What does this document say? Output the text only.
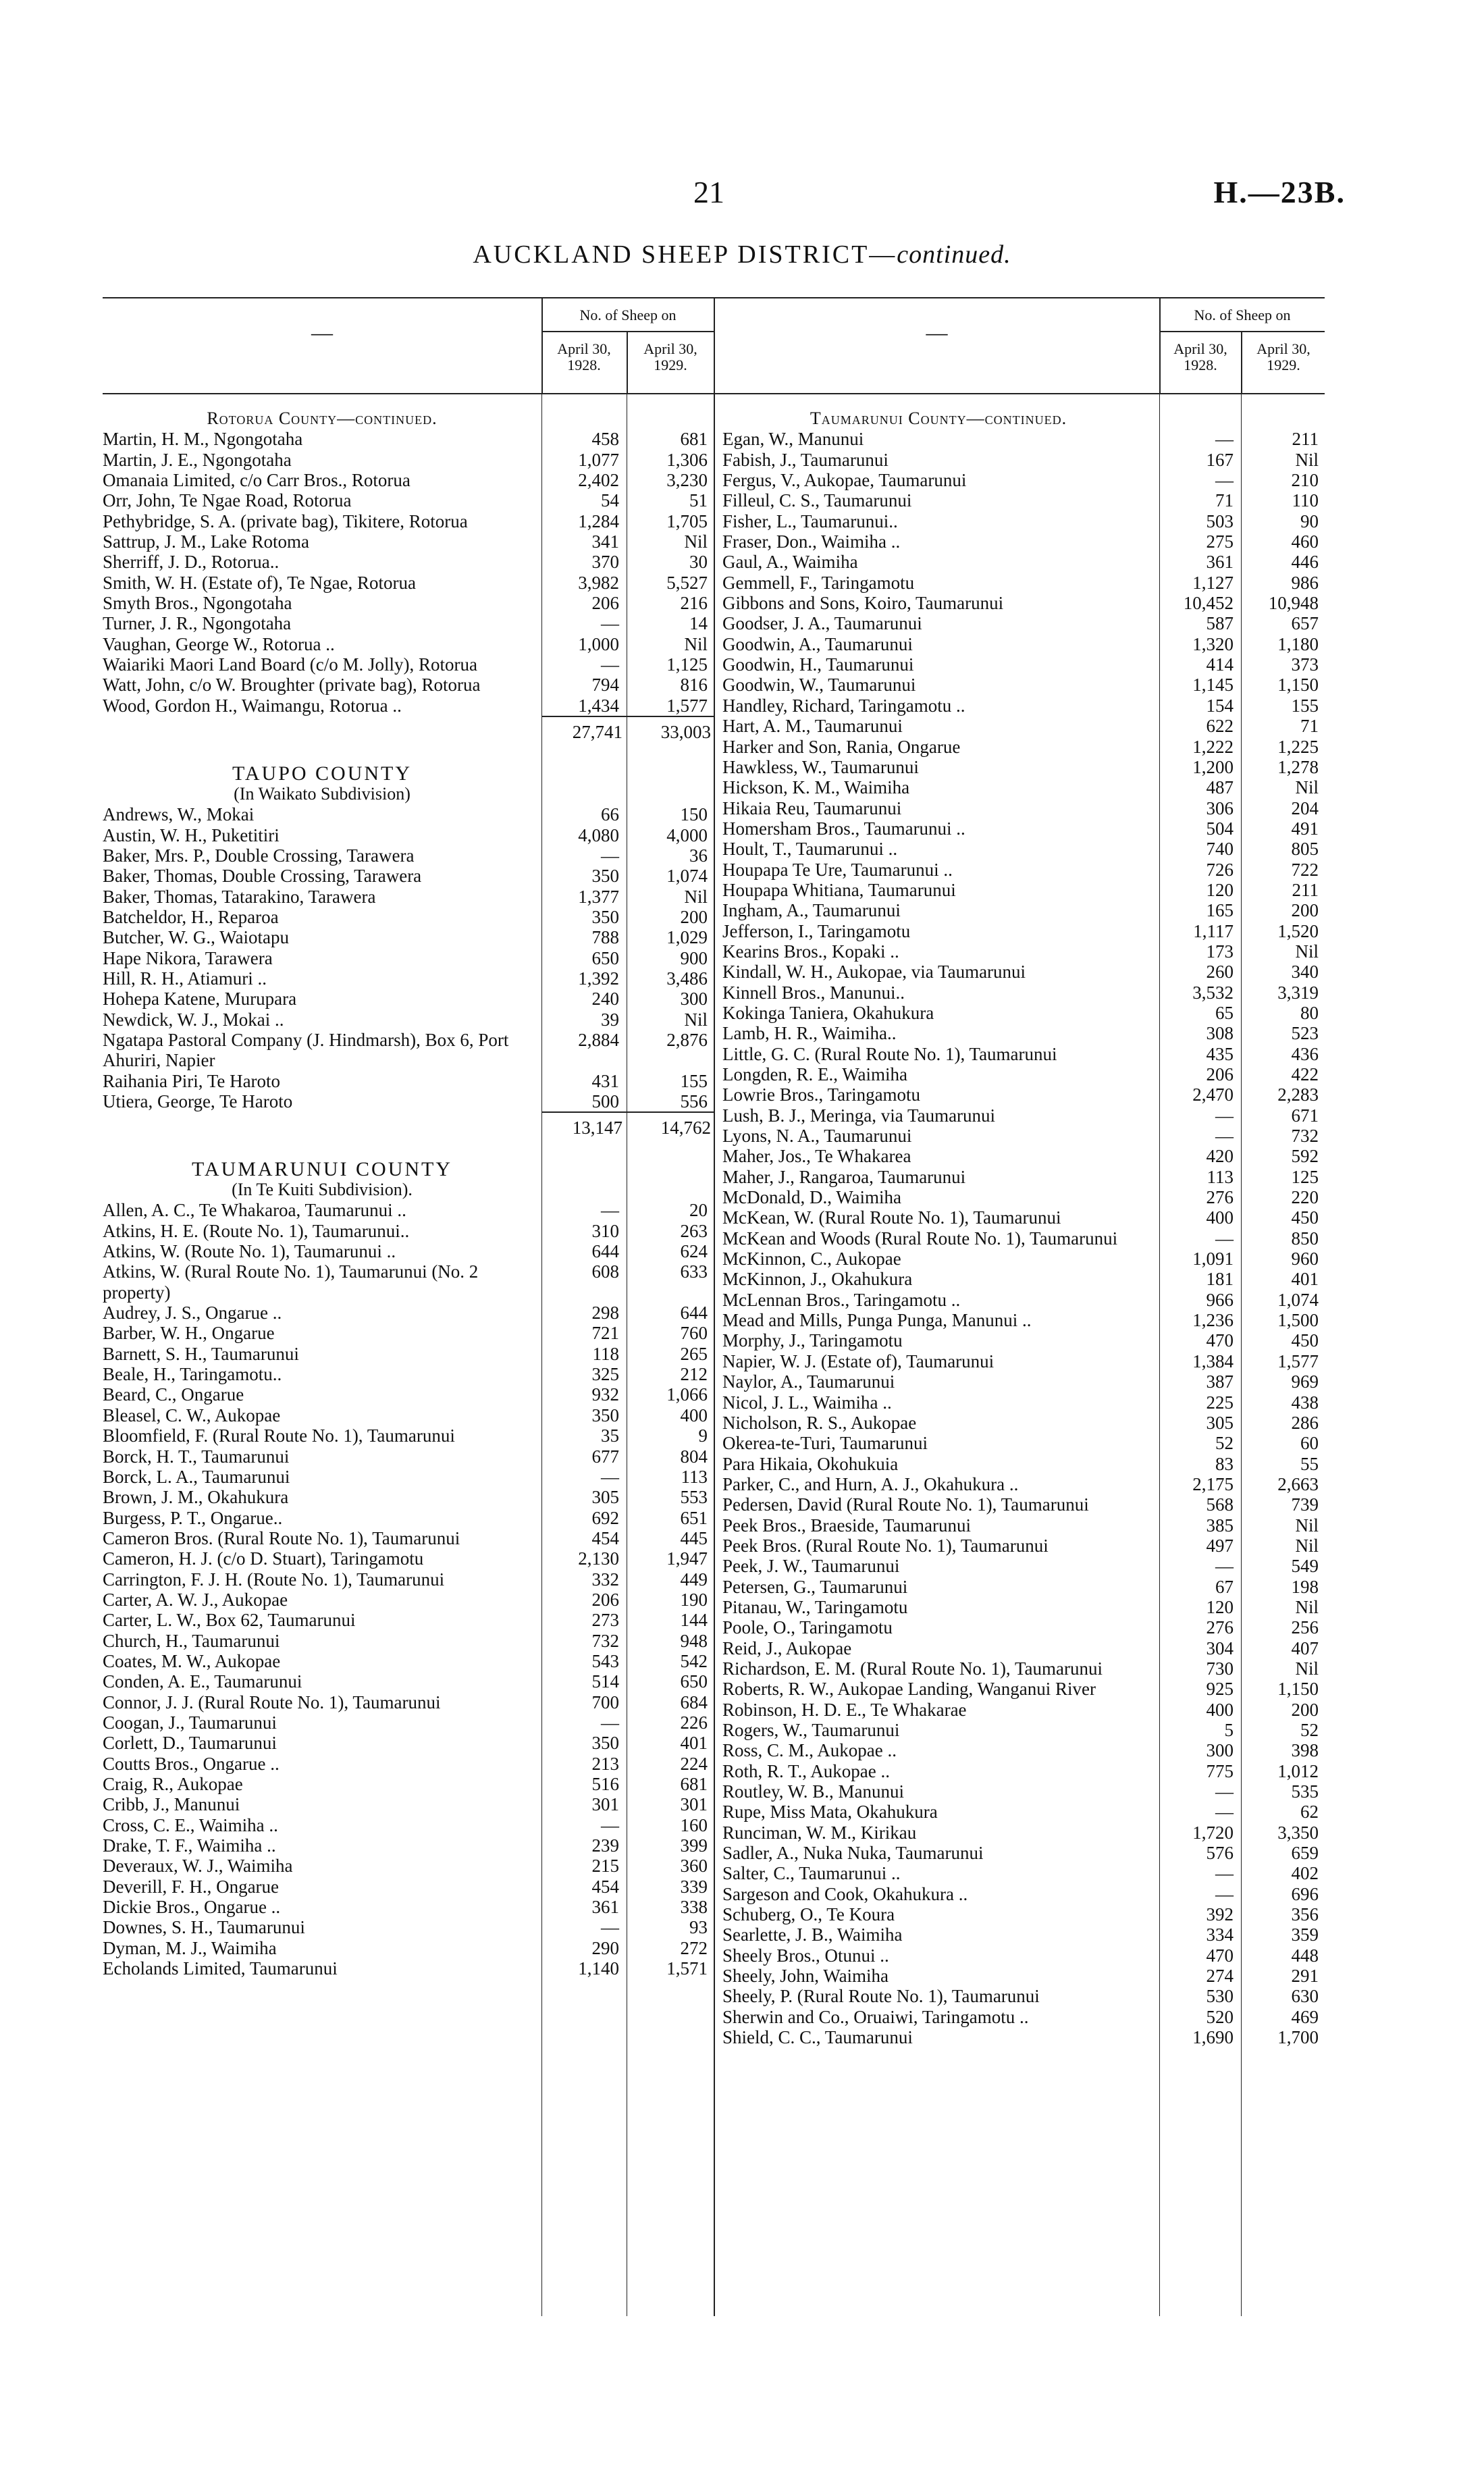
21	H.—23B.
AUCKLAND SHEEP DISTRICT—continued.
—
No. of Sheep on
April 30, 1928.
April 30, 1929.
—
No. of Sheep on
April 30, 1928.
April 30, 1929.
Rotorua County—continued.
Martin, H. M., Ngongotaha	458	681
Martin, J. E., Ngongotaha	1,077	1,306
Omanaia Limited, c/o Carr Bros., Rotorua	2,402	3,230
Orr, John, Te Ngae Road, Rotorua	54	51
Pethybridge, S. A. (private bag), Tikitere, Rotorua	1,284	1,705
Sattrup, J. M., Lake Rotoma	341	Nil
Sherriff, J. D., Rotorua..	370	30
Smith, W. H. (Estate of), Te Ngae, Rotorua	3,982	5,527
Smyth Bros., Ngongotaha	206	216
Turner, J. R., Ngongotaha	—	14
Vaughan, George W., Rotorua ..	1,000	Nil
Waiariki Maori Land Board (c/o M. Jolly), Rotorua	—	1,125
Watt, John, c/o W. Broughter (private bag), Rotorua	794	816
Wood, Gordon H., Waimangu, Rotorua ..	1,434	1,577
27,741	33,003
TAUPO COUNTY
(In Waikato Subdivision)
Andrews, W., Mokai	66	150
Austin, W. H., Puketitiri	4,080	4,000
Baker, Mrs. P., Double Crossing, Tarawera	—	36
Baker, Thomas, Double Crossing, Tarawera	350	1,074
Baker, Thomas, Tatarakino, Tarawera	1,377	Nil
Batcheldor, H., Reparoa	350	200
Butcher, W. G., Waiotapu	788	1,029
Hape Nikora, Tarawera	650	900
Hill, R. H., Atiamuri ..	1,392	3,486
Hohepa Katene, Murupara	240	300
Newdick, W. J., Mokai ..	39	Nil
Ngatapa Pastoral Company (J. Hindmarsh), Box 6, Port Ahuriri, Napier
2,884	2,876
Raihania Piri, Te Haroto	431	155
Utiera, George, Te Haroto	500	556
13,147	14,762
TAUMARUNUI COUNTY
(In Te Kuiti Subdivision).
Allen, A. C., Te Whakaroa, Taumarunui ..	—	20
Atkins, H. E. (Route No. 1), Taumarunui..	310	263
Atkins, W. (Route No. 1), Taumarunui ..	644	624
Atkins, W. (Rural Route No. 1), Taumarunui (No. 2 property)
608	633
Audrey, J. S., Ongarue ..	298	644
Barber, W. H., Ongarue	721	760
Barnett, S. H., Taumarunui	118	265
Beale, H., Taringamotu..	325	212
Beard, C., Ongarue	932	1,066
Bleasel, C. W., Aukopae	350	400
Bloomfield, F. (Rural Route No. 1), Taumarunui	35	9
Borck, H. T., Taumarunui	677	804
Borck, L. A., Taumarunui	—	113
Brown, J. M., Okahukura	305	553
Burgess, P. T., Ongarue..	692	651
Cameron Bros. (Rural Route No. 1), Taumarunui	454	445
Cameron, H. J. (c/o D. Stuart), Taringamotu	2,130	1,947
Carrington, F. J. H. (Route No. 1), Taumarunui	332	449
Carter, A. W. J., Aukopae	206	190
Carter, L. W., Box 62, Taumarunui	273	144
Church, H., Taumarunui	732	948
Coates, M. W., Aukopae	543	542
Conden, A. E., Taumarunui	514	650
Connor, J. J. (Rural Route No. 1), Taumarunui	700	684
Coogan, J., Taumarunui	—	226
Corlett, D., Taumarunui	350	401
Coutts Bros., Ongarue ..	213	224
Craig, R., Aukopae	516	681
Cribb, J., Manunui	301	301
Cross, C. E., Waimiha ..	—	160
Drake, T. F., Waimiha ..	239	399
Deveraux, W. J., Waimiha	215	360
Deverill, F. H., Ongarue	454	339
Dickie Bros., Ongarue ..	361	338
Downes, S. H., Taumarunui	—	93
Dyman, M. J., Waimiha	290	272
Echolands Limited, Taumarunui	1,140	1,571
Taumarunui County—continued.
Egan, W., Manunui	—	211
Fabish, J., Taumarunui	167	Nil
Fergus, V., Aukopae, Taumarunui	—	210
Filleul, C. S., Taumarunui	71	110
Fisher, L., Taumarunui..	503	90
Fraser, Don., Waimiha ..	275	460
Gaul, A., Waimiha	361	446
Gemmell, F., Taringamotu	1,127	986
Gibbons and Sons, Koiro, Taumarunui	10,452	10,948
Goodser, J. A., Taumarunui	587	657
Goodwin, A., Taumarunui	1,320	1,180
Goodwin, H., Taumarunui	414	373
Goodwin, W., Taumarunui	1,145	1,150
Handley, Richard, Taringamotu ..	154	155
Hart, A. M., Taumarunui	622	71
Harker and Son, Rania, Ongarue	1,222	1,225
Hawkless, W., Taumarunui	1,200	1,278
Hickson, K. M., Waimiha	487	Nil
Hikaia Reu, Taumarunui	306	204
Homersham Bros., Taumarunui ..	504	491
Hoult, T., Taumarunui ..	740	805
Houpapa Te Ure, Taumarunui ..	726	722
Houpapa Whitiana, Taumarunui	120	211
Ingham, A., Taumarunui	165	200
Jefferson, I., Taringamotu	1,117	1,520
Kearins Bros., Kopaki ..	173	Nil
Kindall, W. H., Aukopae, via Taumarunui	260	340
Kinnell Bros., Manunui..	3,532	3,319
Kokinga Taniera, Okahukura	65	80
Lamb, H. R., Waimiha..	308	523
Little, G. C. (Rural Route No. 1), Taumarunui	435	436
Longden, R. E., Waimiha	206	422
Lowrie Bros., Taringamotu	2,470	2,283
Lush, B. J., Meringa, via Taumarunui	—	671
Lyons, N. A., Taumarunui	—	732
Maher, Jos., Te Whakarea	420	592
Maher, J., Rangaroa, Taumarunui	113	125
McDonald, D., Waimiha	276	220
McKean, W. (Rural Route No. 1), Taumarunui	400	450
McKean and Woods (Rural Route No. 1), Taumarunui	—	850
McKinnon, C., Aukopae	1,091	960
McKinnon, J., Okahukura	181	401
McLennan Bros., Taringamotu ..	966	1,074
Mead and Mills, Punga Punga, Manunui ..	1,236	1,500
Morphy, J., Taringamotu	470	450
Napier, W. J. (Estate of), Taumarunui	1,384	1,577
Naylor, A., Taumarunui	387	969
Nicol, J. L., Waimiha ..	225	438
Nicholson, R. S., Aukopae	305	286
Okerea-te-Turi, Taumarunui	52	60
Para Hikaia, Okohukuia	83	55
Parker, C., and Hurn, A. J., Okahukura ..	2,175	2,663
Pedersen, David (Rural Route No. 1), Taumarunui	568	739
Peek Bros., Braeside, Taumarunui	385	Nil
Peek Bros. (Rural Route No. 1), Taumarunui	497	Nil
Peek, J. W., Taumarunui	—	549
Petersen, G., Taumarunui	67	198
Pitanau, W., Taringamotu	120	Nil
Poole, O., Taringamotu	276	256
Reid, J., Aukopae	304	407
Richardson, E. M. (Rural Route No. 1), Taumarunui	730	Nil
Roberts, R. W., Aukopae Landing, Wanganui River	925	1,150
Robinson, H. D. E., Te Whakarae	400	200
Rogers, W., Taumarunui	5	52
Ross, C. M., Aukopae ..	300	398
Roth, R. T., Aukopae ..	775	1,012
Routley, W. B., Manunui	—	535
Rupe, Miss Mata, Okahukura	—	62
Runciman, W. M., Kirikau	1,720	3,350
Sadler, A., Nuka Nuka, Taumarunui	576	659
Salter, C., Taumarunui ..	—	402
Sargeson and Cook, Okahukura ..	—	696
Schuberg, O., Te Koura	392	356
Searlette, J. B., Waimiha	334	359
Sheely Bros., Otunui ..	470	448
Sheely, John, Waimiha	274	291
Sheely, P. (Rural Route No. 1), Taumarunui	530	630
Sherwin and Co., Oruaiwi, Taringamotu ..	520	469
Shield, C. C., Taumarunui	1,690	1,700
